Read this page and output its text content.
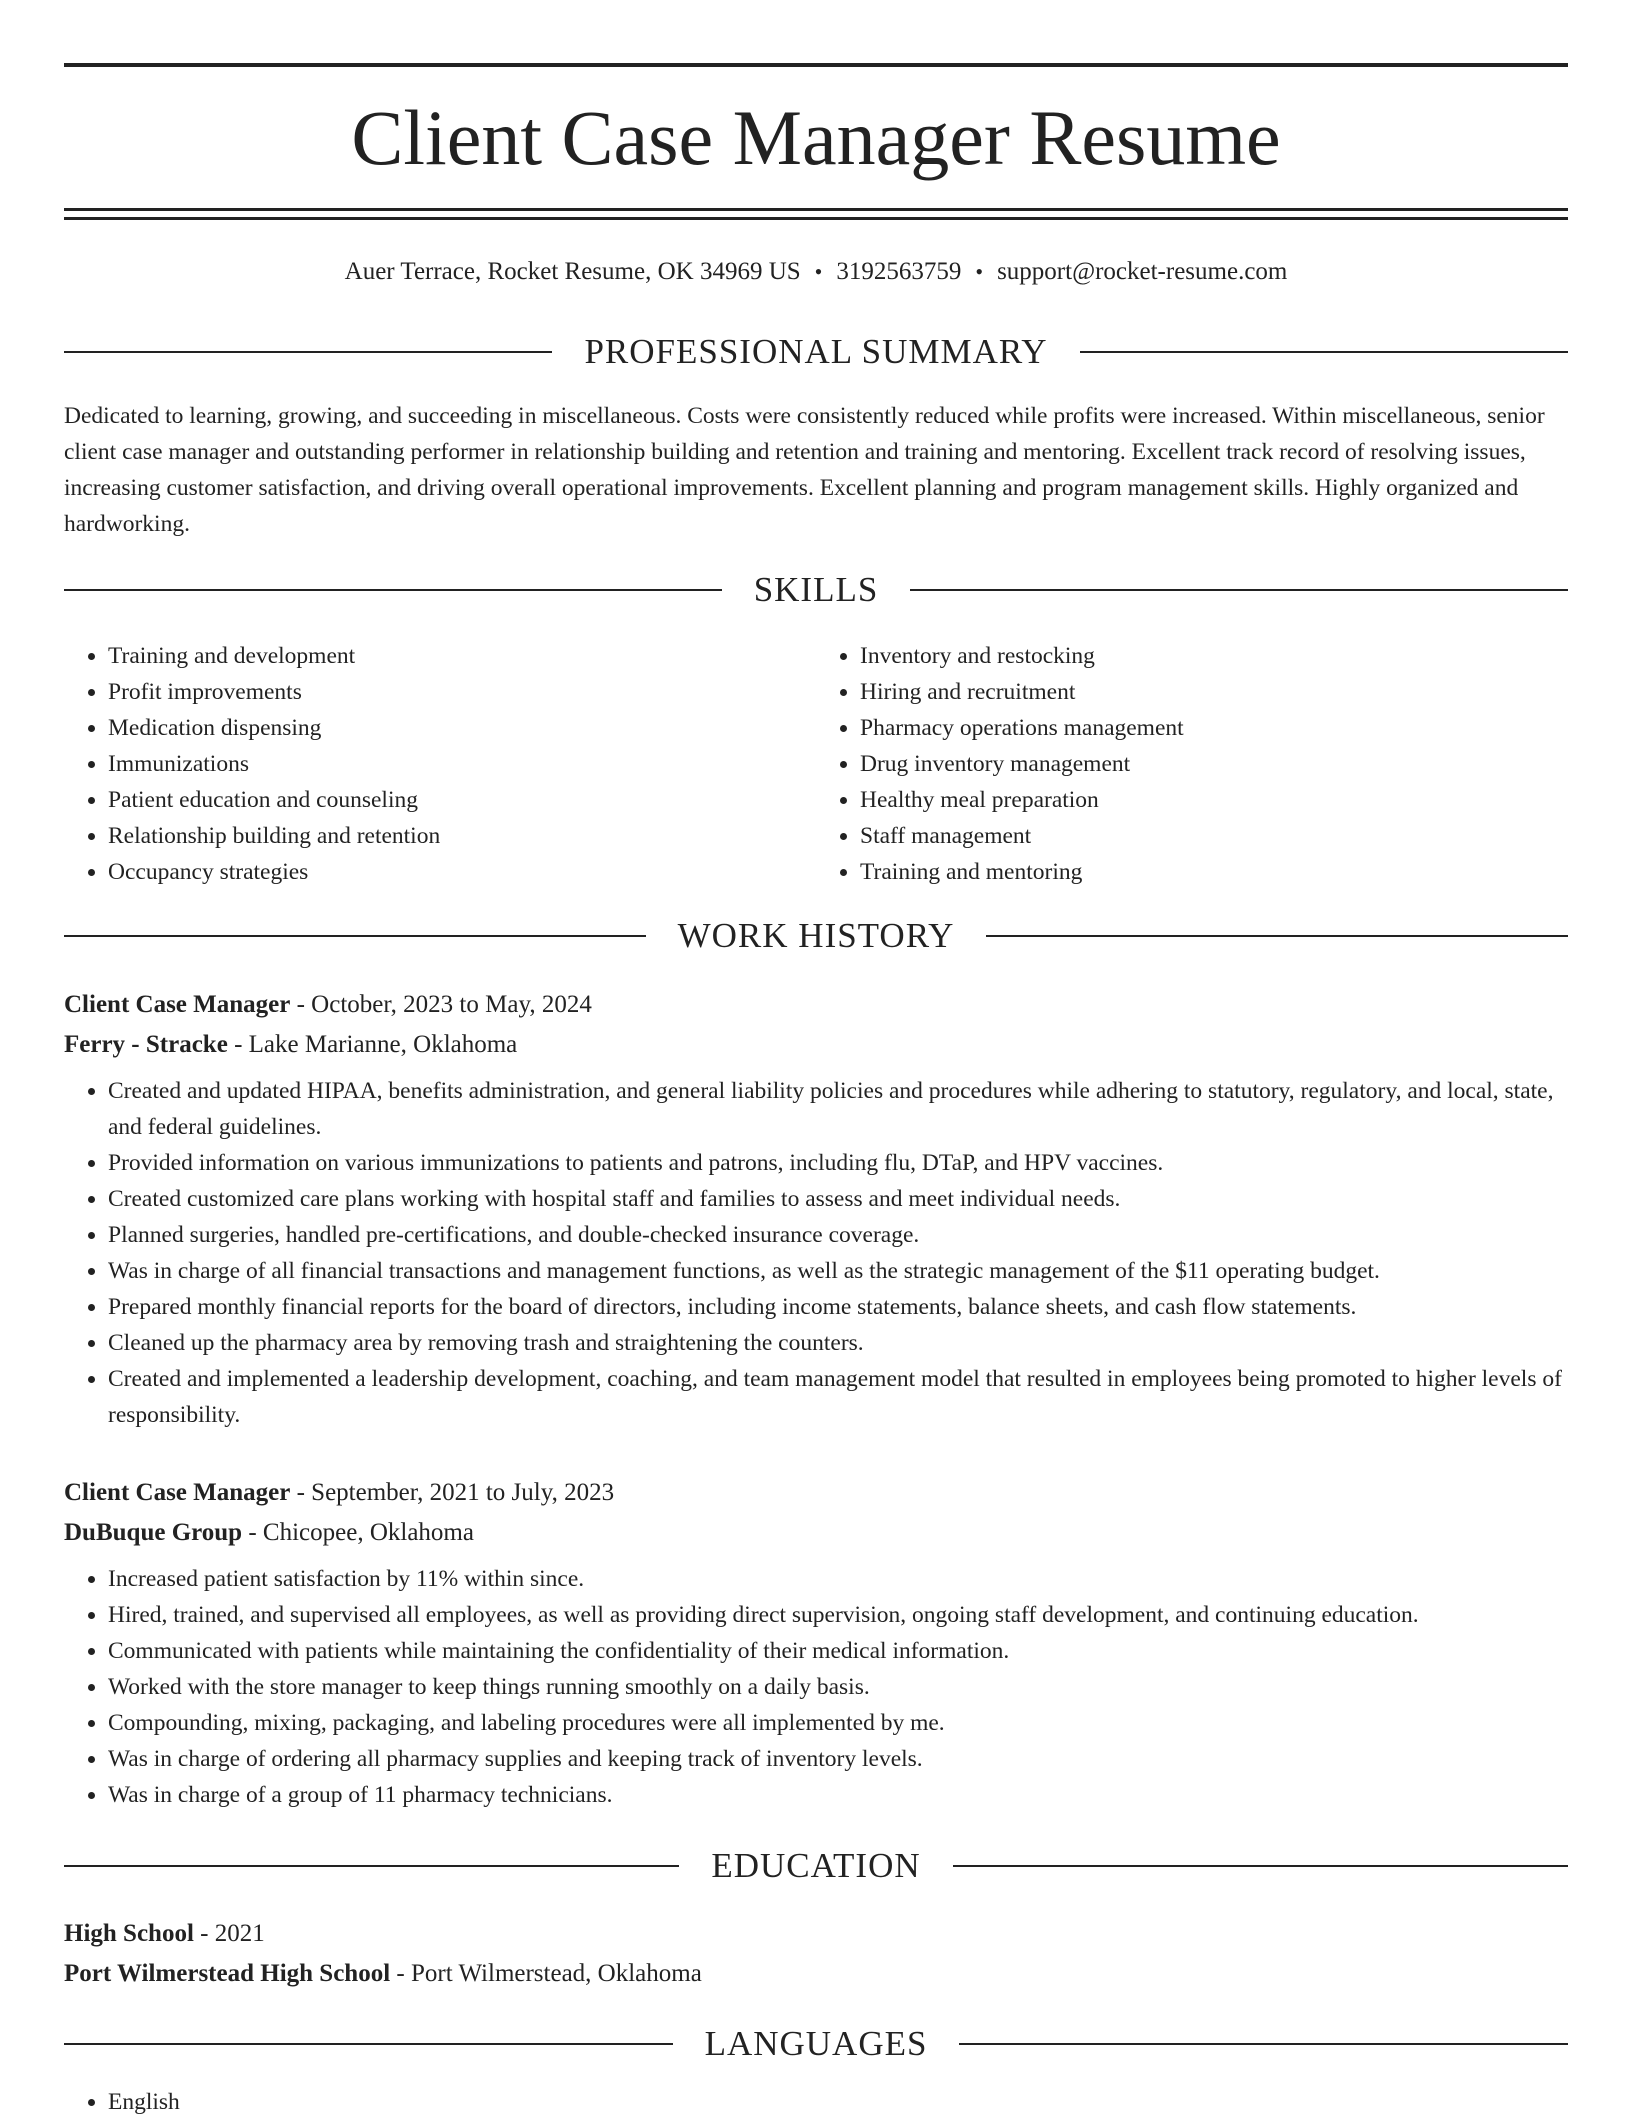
Client Case Manager Resume
Auer Terrace, Rocket Resume, OK 34969 US • 3192563759 • support@rocket-resume.com
PROFESSIONAL SUMMARY

Dedicated to learning, growing, and succeeding in miscellaneous. Costs were consistently reduced while profits were increased. Within miscellaneous, senior client case manager and outstanding performer in relationship building and retention and training and mentoring. Excellent track record of resolving issues, increasing customer satisfaction, and driving overall operational improvements. Excellent planning and program management skills. Highly organized and hardworking.

SKILLS
• Training and development
• Profit improvements
• Medication dispensing
• Immunizations
• Patient education and counseling
• Relationship building and retention
• Occupancy strategies
• Inventory and restocking
• Hiring and recruitment
• Pharmacy operations management
• Drug inventory management
• Healthy meal preparation
• Staff management
• Training and mentoring
WORK HISTORY
Client Case Manager - October, 2023 to May, 2024
Ferry - Stracke - Lake Marianne, Oklahoma
• Created and updated HIPAA, benefits administration, and general liability policies and procedures while adhering to statutory, regulatory, and local, state, and federal guidelines.
• Provided information on various immunizations to patients and patrons, including flu, DTaP, and HPV vaccines.
• Created customized care plans working with hospital staff and families to assess and meet individual needs.
• Planned surgeries, handled pre-certifications, and double-checked insurance coverage.
• Was in charge of all financial transactions and management functions, as well as the strategic management of the $11 operating budget.
• Prepared monthly financial reports for the board of directors, including income statements, balance sheets, and cash flow statements.
• Cleaned up the pharmacy area by removing trash and straightening the counters.
• Created and implemented a leadership development, coaching, and team management model that resulted in employees being promoted to higher levels of responsibility.
Client Case Manager - September, 2021 to July, 2023
DuBuque Group - Chicopee, Oklahoma
• Increased patient satisfaction by 11% within since.
• Hired, trained, and supervised all employees, as well as providing direct supervision, ongoing staff development, and continuing education.
• Communicated with patients while maintaining the confidentiality of their medical information.
• Worked with the store manager to keep things running smoothly on a daily basis.
• Compounding, mixing, packaging, and labeling procedures were all implemented by me.
• Was in charge of ordering all pharmacy supplies and keeping track of inventory levels.
• Was in charge of a group of 11 pharmacy technicians.
EDUCATION
High School - 2021
Port Wilmerstead High School - Port Wilmerstead, Oklahoma
LANGUAGES
• English
